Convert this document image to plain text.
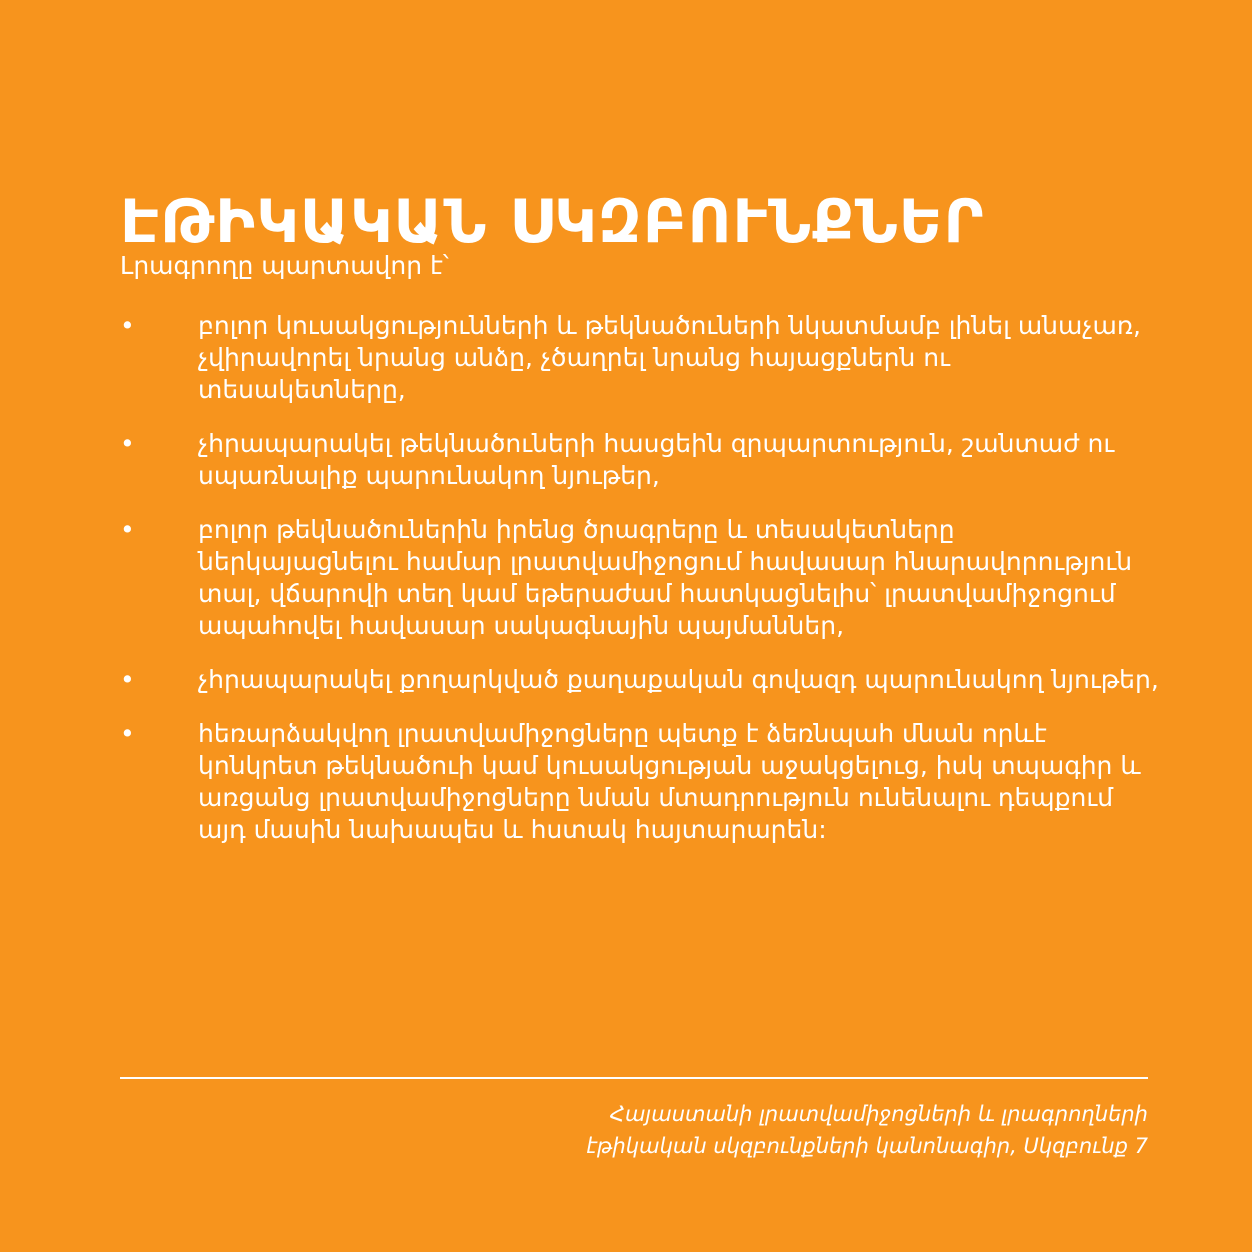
ԷԹԻԿԱԿԱՆ ՍԿԶԲՈՒՆՔՆԵՐ
Լրագրողը պարտավոր է՝
•	բոլոր կուսակցությունների և թեկնածուների նկատմամբ լինել անաչառ, չվիրավորել նրանց անձը, չծաղրել նրանց հայացքներն ու տեսակետները,
•	չհրապարակել թեկնածուների հասցեին զրպարտություն, շանտաժ ու սպառնալիք պարունակող նյութեր,
•	բոլոր թեկնածուներին իրենց ծրագրերը և տեսակետները ներկայացնելու համար լրատվամիջոցում հավասար հնարավորություն տալ, վճարովի տեղ կամ եթերաժամ հատկացնելիս՝ լրատվամիջոցում ապահովել հավասար սակագնային պայմաններ,
•	չհրապարակել քողարկված քաղաքական գովազդ պարունակող նյութեր,
•	հեռարձակվող լրատվամիջոցները պետք է ձեռնպահ մնան որևէ կոնկրետ թեկնածուի կամ կուսակցության աջակցելուց, իսկ տպագիր և առցանց լրատվամիջոցները նման մտադրություն ունենալու դեպքում այդ մասին նախապես և հստակ հայտարարեն:
Հայաստանի լրատվամիջոցների և լրագրողների
էթիկական սկզբունքների կանոնագիր, Սկզբունք 7
